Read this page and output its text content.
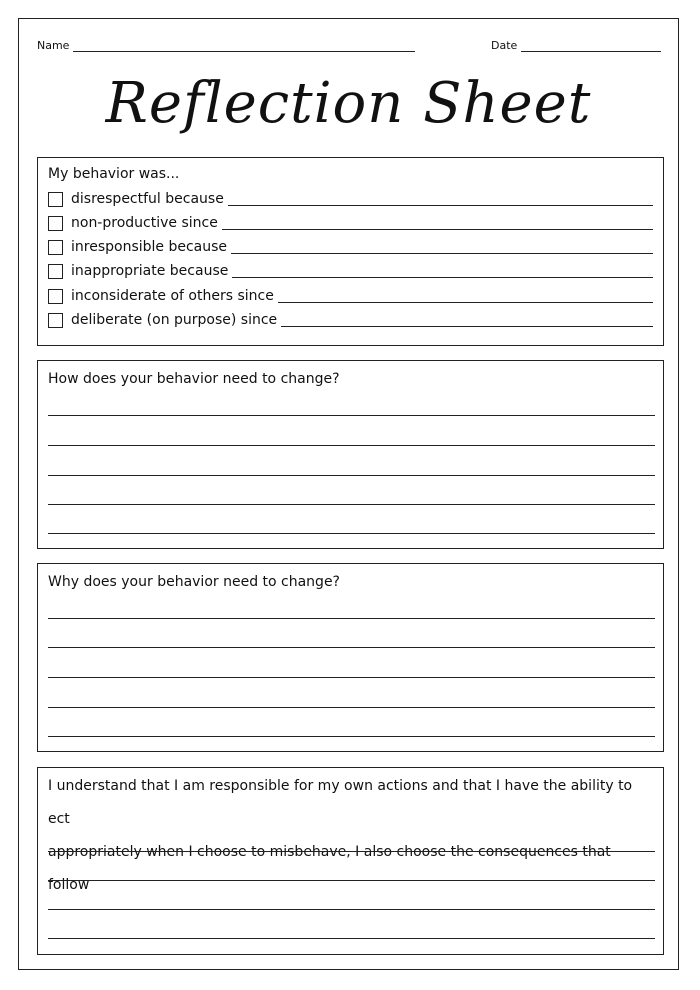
Name	Date
Reflection Sheet
My behavior was...
disrespectful because
non-productive since
inresponsible because
inappropriate because
inconsiderate of others since
deliberate (on purpose) since
How does your behavior need to change?
Why does your behavior need to change?
I understand that I am responsible for my own actions and that I have the ability to ect
appropriately when I choose to misbehave, I also choose the consequences that follow
